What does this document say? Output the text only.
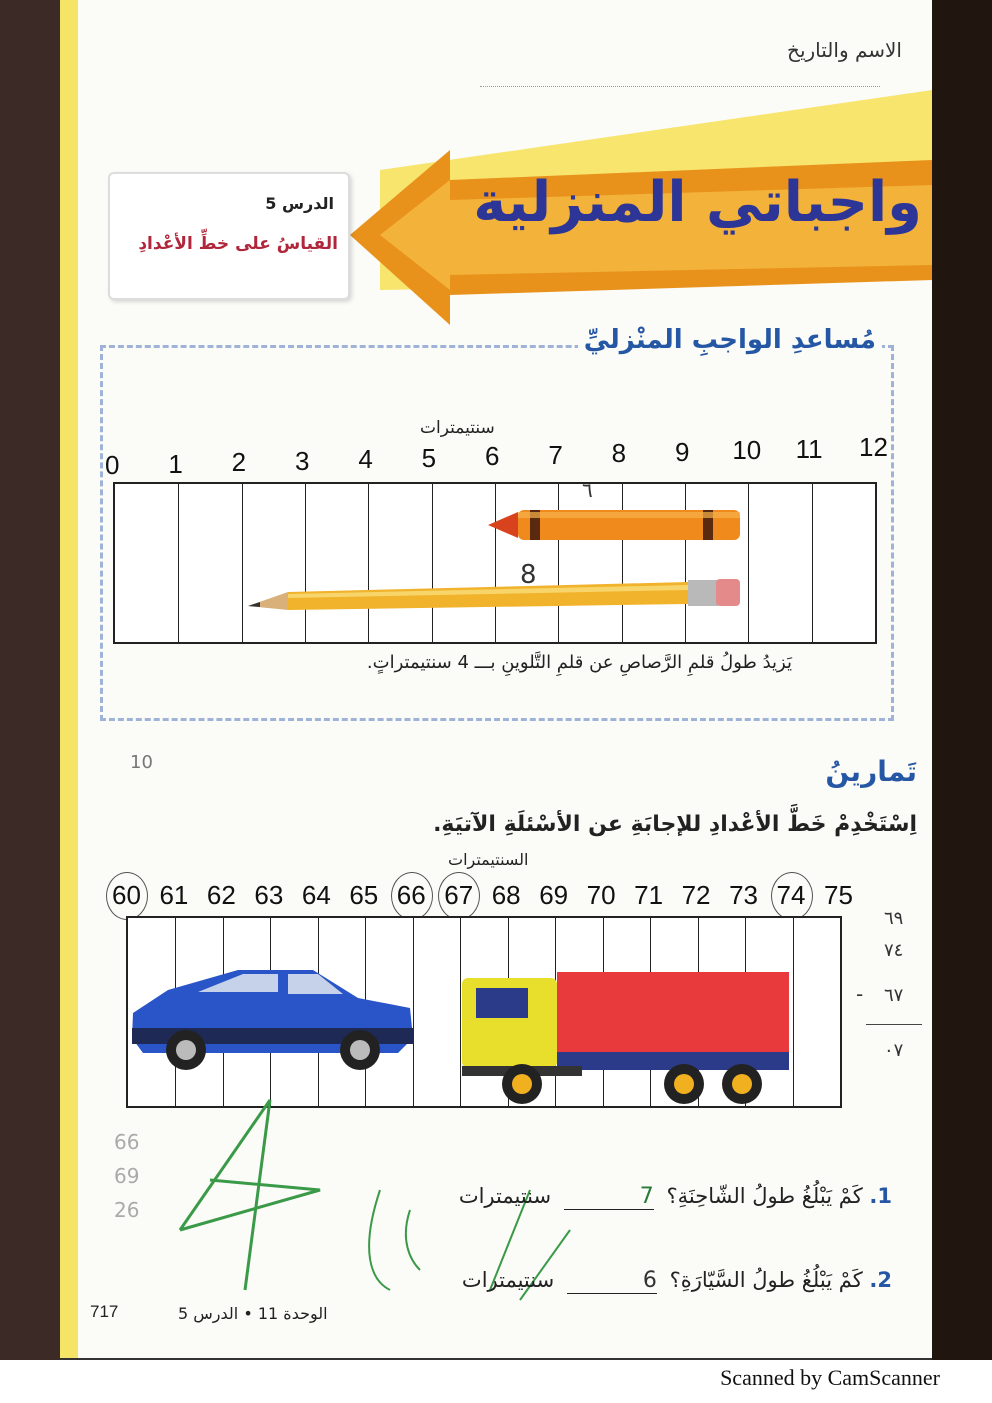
الاسم والتاريخ
واجباتي المنزلية
الدرس 5
القياسُ على خطِّ الأعْدادِ
مُساعدِ الواجبِ المنْزليِّ
سنتيمترات
0 1 2 3 4 5 6 7 8 9 10 11 12
٦
8
يَزيدُ طولُ قلمِ الرَّصاصِ عن قلمِ التَّلوينِ بـــ 4 سنتيمتراتٍ.
10	تَمارينُ
اِسْتَخْدِمْ خَطَّ الأعْدادِ للإجابَةِ عن الأسْئلَةِ الآتيَةِ.
السنتيمترات
60 61 62 63 64 65 66 67 68 69 70 71 72 73 74 75
٦٩
٧٤
٦٧
٠٧
-
66
69
26
1. كَمْ يَبْلُغُ طولُ الشّاحِنَةِ؟ 7 سنتيمترات
2. كَمْ يَبْلُغُ طولُ السَّيّارَةِ؟ 6 سنتيمترات
717	الوحدة 11 • الدرس 5
Scanned by CamScanner
